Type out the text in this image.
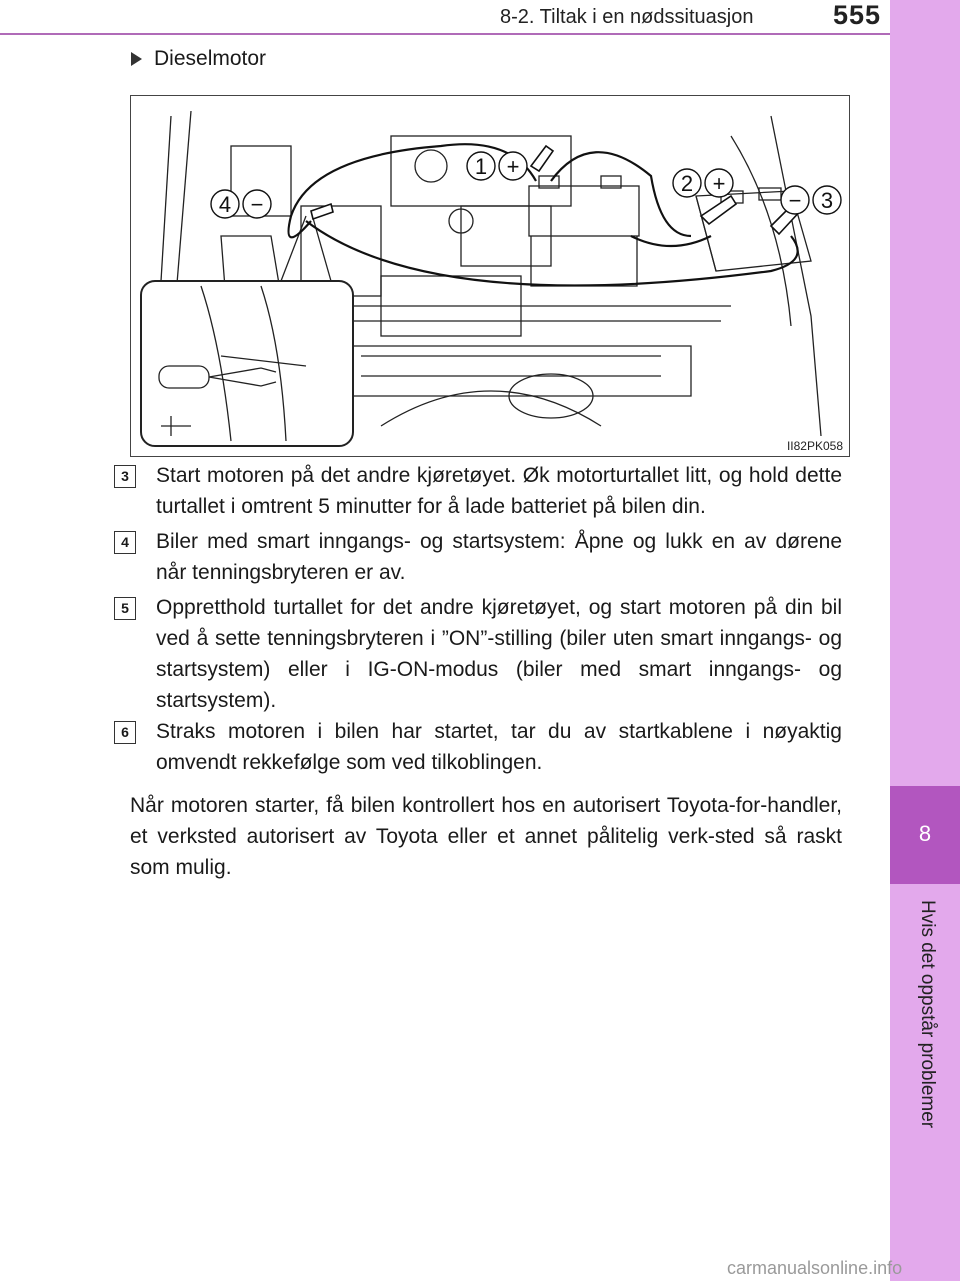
8-2. Tiltak i en nødssituasjon	555
8
Hvis det oppstår problemer
Dieselmotor
1 +
2 +
− 3
4 −
II82PK058
3	Start motoren på det andre kjøretøyet. Øk motorturtallet litt, og hold dette turtallet i omtrent 5 minutter for å lade batteriet på bilen din.
4	Biler med smart inngangs- og startsystem: Åpne og lukk en av dørene når tenningsbryteren er av.
5	Oppretthold turtallet for det andre kjøretøyet, og start motoren på din bil ved å sette tenningsbryteren i ”ON”-stilling (biler uten smart inngangs- og startsystem) eller i IG-ON-modus (biler med smart inngangs- og startsystem).
6	Straks motoren i bilen har startet, tar du av startkablene i nøyaktig omvendt rekkefølge som ved tilkoblingen.
Når motoren starter, få bilen kontrollert hos en autorisert Toyota-for-handler, et verksted autorisert av Toyota eller et annet pålitelig verk-sted så raskt som mulig.
carmanualsonline.info
